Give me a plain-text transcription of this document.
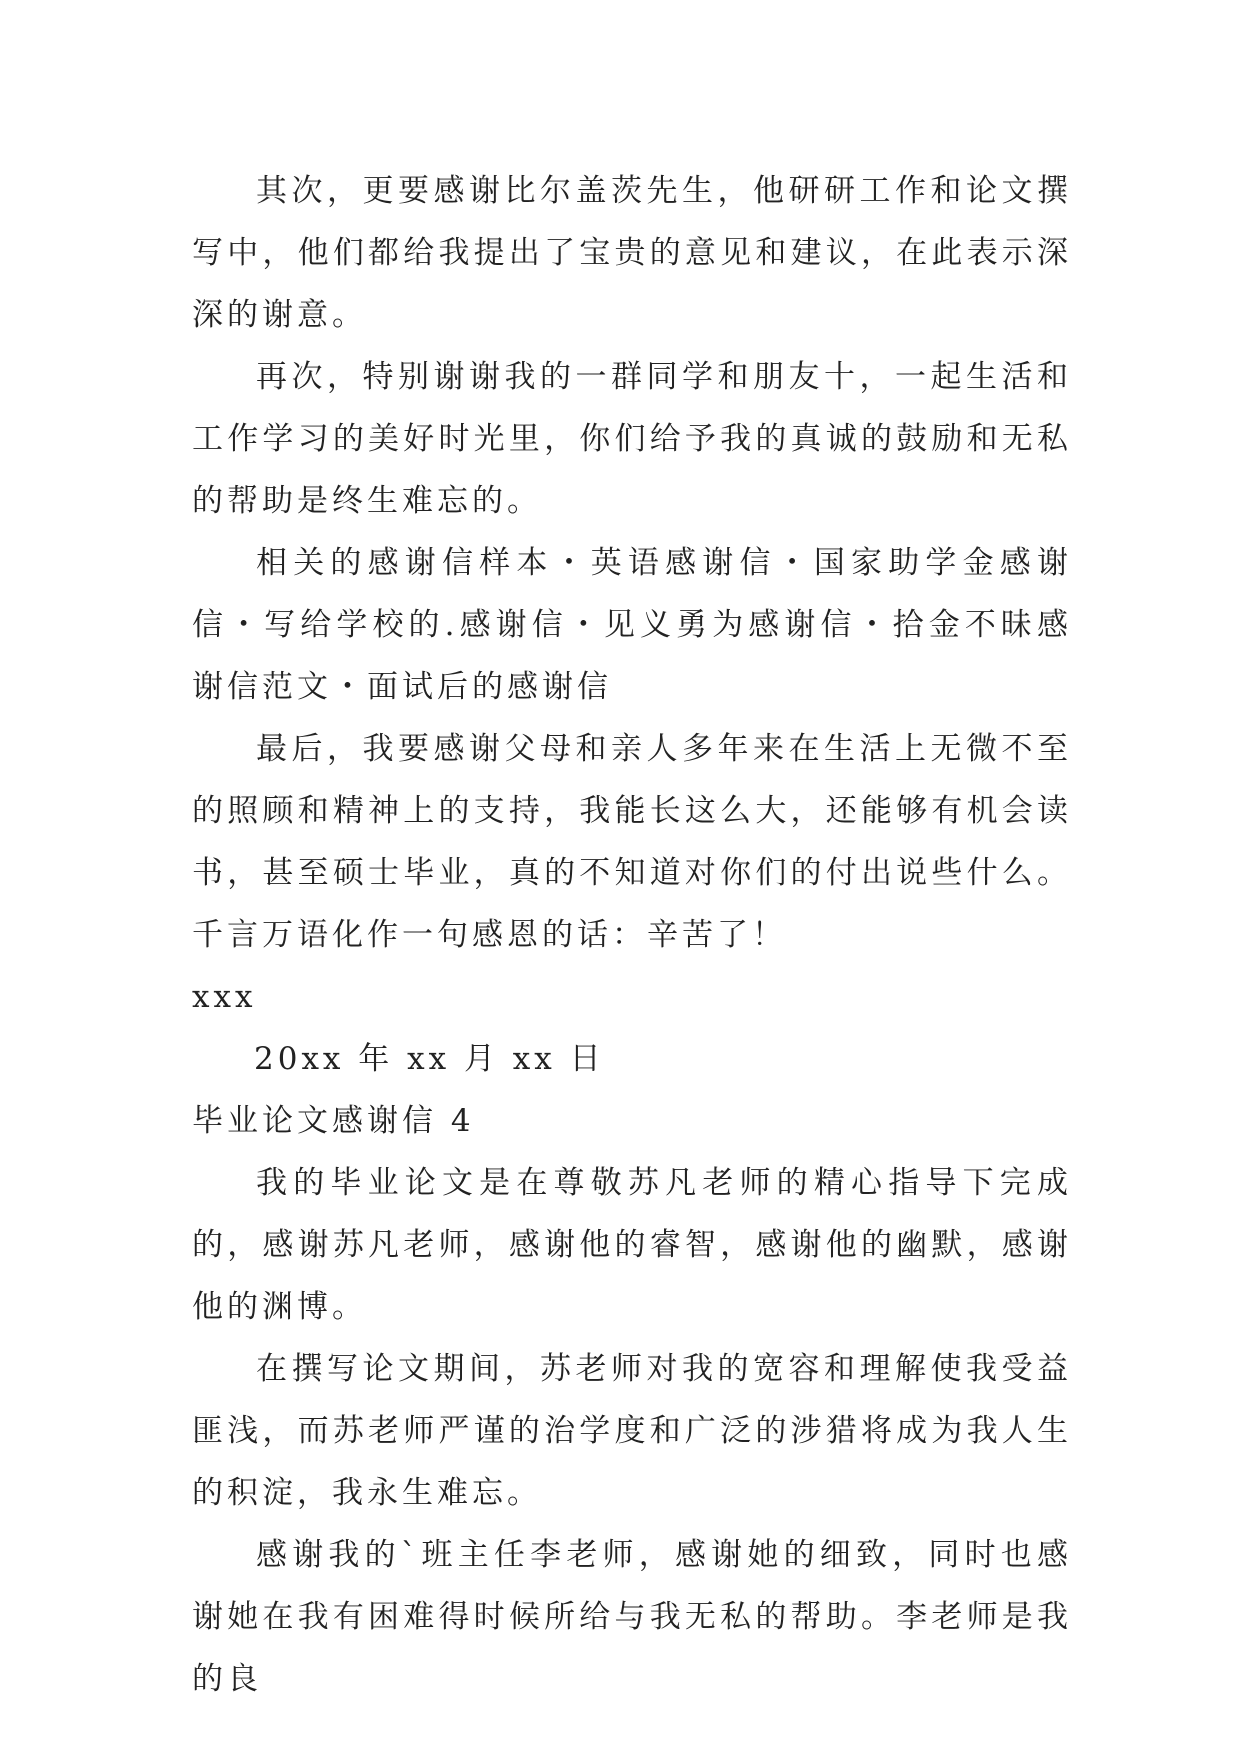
其次，更要感谢比尔盖茨先生，他研研工作和论文撰写中，他们都给我提出了宝贵的意见和建议，在此表示深深的谢意。

再次，特别谢谢我的一群同学和朋友十，一起生活和工作学习的美好时光里，你们给予我的真诚的鼓励和无私的帮助是终生难忘的。

相关的感谢信样本・英语感谢信・国家助学金感谢信・写给学校的.感谢信・见义勇为感谢信・拾金不昧感谢信范文・面试后的感谢信

最后，我要感谢父母和亲人多年来在生活上无微不至的照顾和精神上的支持，我能长这么大，还能够有机会读书，甚至硕士毕业，真的不知道对你们的付出说些什么。千言万语化作一句感恩的话：辛苦了！

xxx

20xx 年 xx 月 xx 日

毕业论文感谢信 4

我的毕业论文是在尊敬苏凡老师的精心指导下完成的，感谢苏凡老师，感谢他的睿智，感谢他的幽默，感谢他的渊博。

在撰写论文期间，苏老师对我的宽容和理解使我受益匪浅，而苏老师严谨的治学度和广泛的涉猎将成为我人生的积淀，我永生难忘。

感谢我的`班主任李老师，感谢她的细致，同时也感谢她在我有困难得时候所给与我无私的帮助。李老师是我的良
